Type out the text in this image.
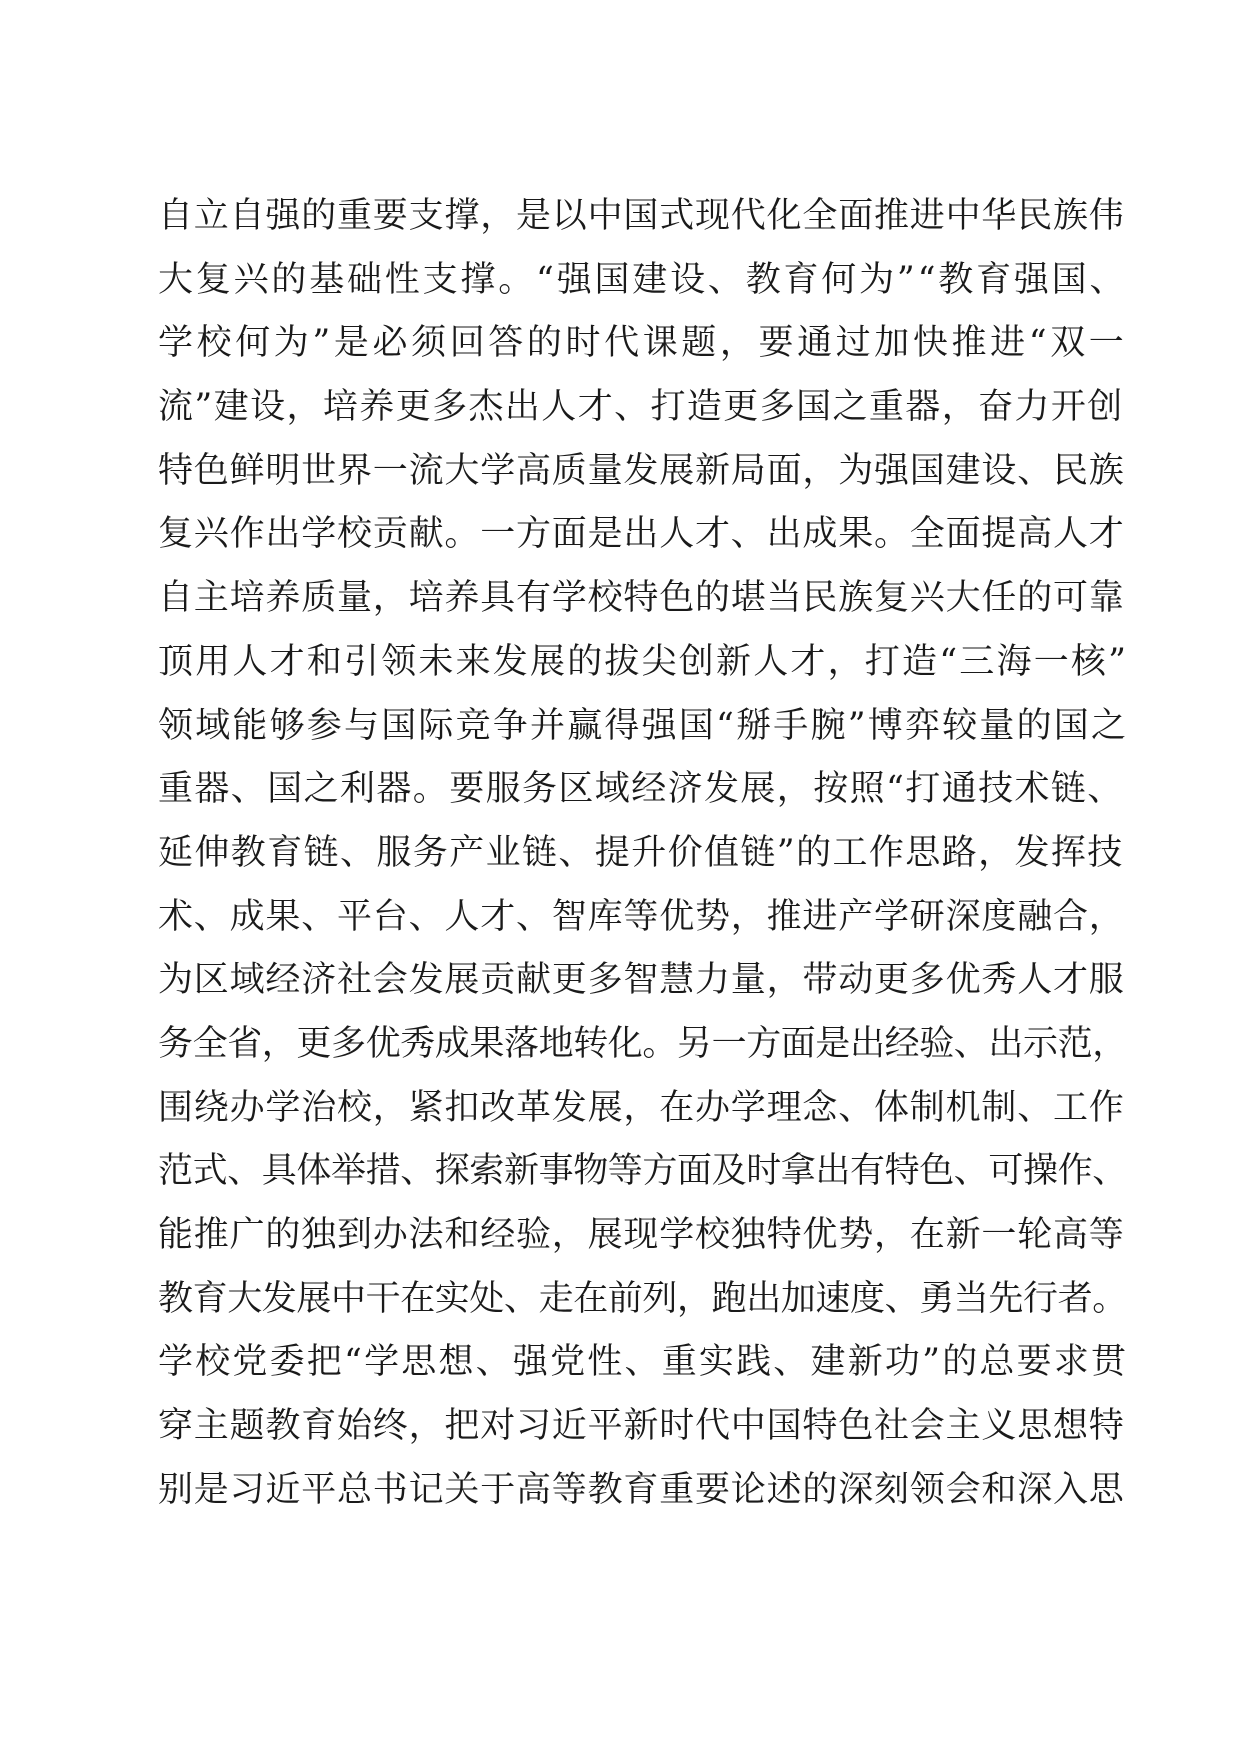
自立自强的重要支撑，是以中国式现代化全面推进中华民族伟
大复兴的基础性支撑。“强国建设、教育何为”“教育强国、
学校何为”是必须回答的时代课题，要通过加快推进“双一
流”建设，培养更多杰出人才、打造更多国之重器，奋力开创
特色鲜明世界一流大学高质量发展新局面，为强国建设、民族
复兴作出学校贡献。一方面是出人才、出成果。全面提高人才
自主培养质量，培养具有学校特色的堪当民族复兴大任的可靠
顶用人才和引领未来发展的拔尖创新人才，打造“三海一核”
领域能够参与国际竞争并赢得强国“掰手腕”博弈较量的国之
重器、国之利器。要服务区域经济发展，按照“打通技术链、
延伸教育链、服务产业链、提升价值链”的工作思路，发挥技
术、成果、平台、人才、智库等优势，推进产学研深度融合，
为区域经济社会发展贡献更多智慧力量，带动更多优秀人才服
务全省，更多优秀成果落地转化。另一方面是出经验、出示范，
围绕办学治校，紧扣改革发展，在办学理念、体制机制、工作
范式、具体举措、探索新事物等方面及时拿出有特色、可操作、
能推广的独到办法和经验，展现学校独特优势，在新一轮高等
教育大发展中干在实处、走在前列，跑出加速度、勇当先行者。
学校党委把“学思想、强党性、重实践、建新功”的总要求贯
穿主题教育始终，把对习近平新时代中国特色社会主义思想特
别是习近平总书记关于高等教育重要论述的深刻领会和深入思
